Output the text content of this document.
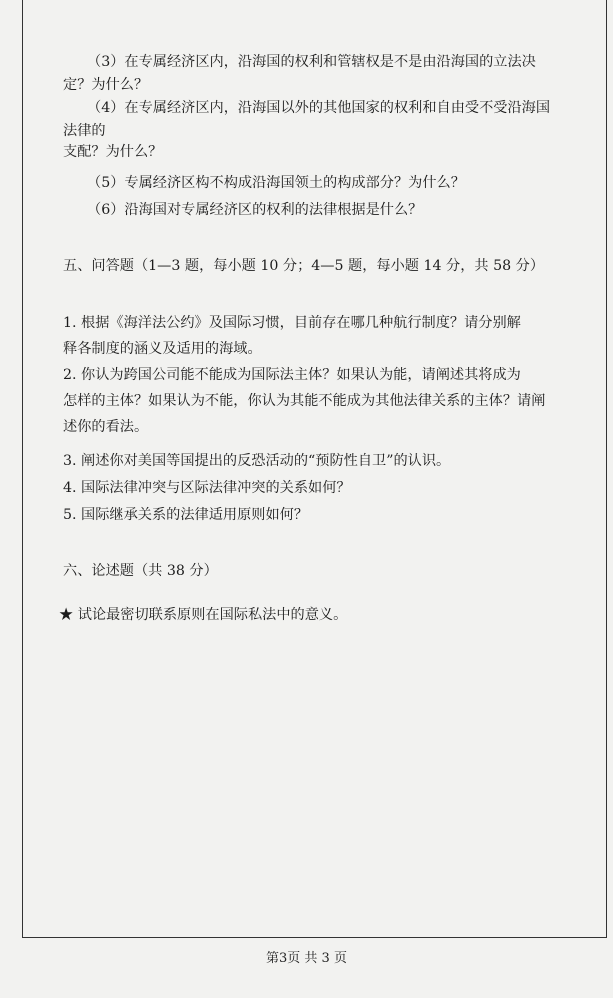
（3）在专属经济区内，沿海国的权利和管辖权是不是由沿海国的立法决
定？为什么？
（4）在专属经济区内，沿海国以外的其他国家的权利和自由受不受沿海国
法律的
支配？为什么？
（5）专属经济区构不构成沿海国领土的构成部分？为什么？
（6）沿海国对专属经济区的权利的法律根据是什么？
五、问答题（1—3 题，每小题 10 分；4—5 题，每小题 14 分，共 58 分）
1. 根据《海洋法公约》及国际习惯，目前存在哪几种航行制度？请分别解
释各制度的涵义及适用的海域。
2. 你认为跨国公司能不能成为国际法主体？如果认为能，请阐述其将成为
怎样的主体？如果认为不能，你认为其能不能成为其他法律关系的主体？请阐
述你的看法。
3. 阐述你对美国等国提出的反恐活动的“预防性自卫”的认识。
4. 国际法律冲突与区际法律冲突的关系如何？
5. 国际继承关系的法律适用原则如何？
六、论述题（共 38 分）
★ 试论最密切联系原则在国际私法中的意义。
第3页 共 3 页
